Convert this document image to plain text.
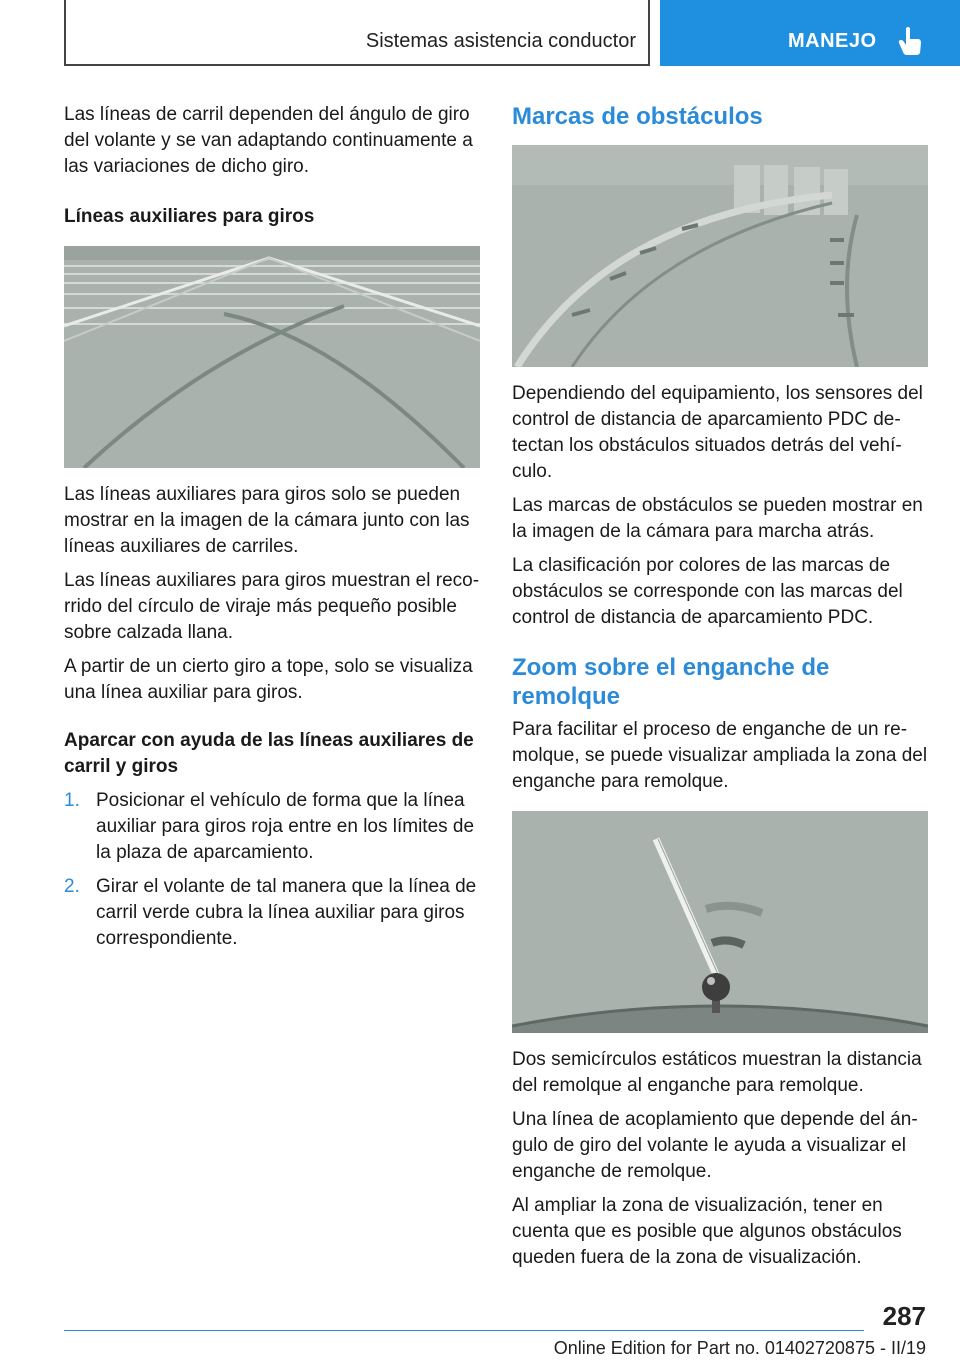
Sistemas asistencia conductor	MANEJO

Las líneas de carril dependen del ángulo de giro del volante y se van adaptando continuamente a las variaciones de dicho giro.

Líneas auxiliares para giros

Las líneas auxiliares para giros solo se pueden mostrar en la imagen de la cámara junto con las líneas auxiliares de carriles.

Las líneas auxiliares para giros muestran el reco‐rrido del círculo de viraje más pequeño posible sobre calzada llana.

A partir de un cierto giro a tope, solo se visualiza una línea auxiliar para giros.

Aparcar con ayuda de las líneas auxiliares de carril y giros
1. Posicionar el vehículo de forma que la línea auxiliar para giros roja entre en los límites de la plaza de aparcamiento.
2. Girar el volante de tal manera que la línea de carril verde cubra la línea auxiliar para giros correspondiente.
Marcas de obstáculos

Dependiendo del equipamiento, los sensores del control de distancia de aparcamiento PDC de‐tectan los obstáculos situados detrás del vehí‐culo.

Las marcas de obstáculos se pueden mostrar en la imagen de la cámara para marcha atrás.

La clasificación por colores de las marcas de obstáculos se corresponde con las marcas del control de distancia de aparcamiento PDC.

Zoom sobre el enganche de remolque

Para facilitar el proceso de enganche de un re‐molque, se puede visualizar ampliada la zona del enganche para remolque.

Dos semicírculos estáticos muestran la distancia del remolque al enganche para remolque.

Una línea de acoplamiento que depende del án‐gulo de giro del volante le ayuda a visualizar el enganche de remolque.

Al ampliar la zona de visualización, tener en cuenta que es posible que algunos obstáculos queden fuera de la zona de visualización.

287
Online Edition for Part no. 01402720875 - II/19
